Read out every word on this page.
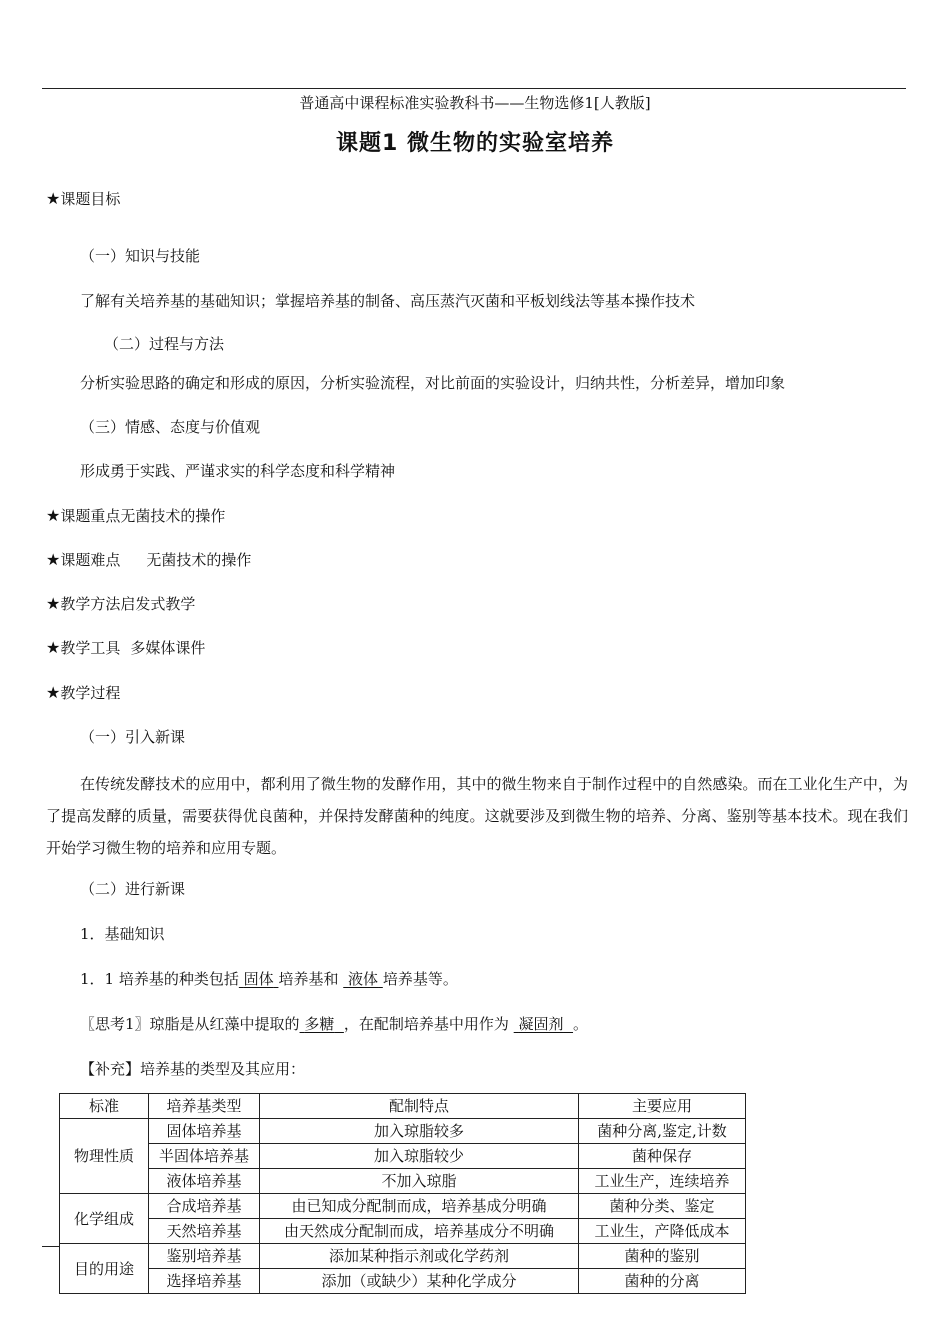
普通高中课程标准实验教科书——生物选修1[人教版]
课题1 微生物的实验室培养
★课题目标
（一）知识与技能
了解有关培养基的基础知识；掌握培养基的制备、高压蒸汽灭菌和平板划线法等基本操作技术
（二）过程与方法
分析实验思路的确定和形成的原因，分析实验流程，对比前面的实验设计，归纳共性，分析差异，增加印象
（三）情感、态度与价值观
形成勇于实践、严谨求实的科学态度和科学精神
★课题重点无菌技术的操作
★课题难点 无菌技术的操作
★教学方法启发式教学
★教学工具 多媒体课件
★教学过程
（一）引入新课
在传统发酵技术的应用中，都利用了微生物的发酵作用，其中的微生物来自于制作过程中的自然感染。而在工业化生产中，为了提高发酵的质量，需要获得优良菌种，并保持发酵菌种的纯度。这就要涉及到微生物的培养、分离、鉴别等基本技术。现在我们开始学习微生物的培养和应用专题。
（二）进行新课
1．基础知识
1．1 培养基的种类包括 固体 培养基和 液体 培养基等。
〖思考1〗琼脂是从红藻中提取的 多糖 ，在配制培养基中用作为 凝固剂 。
【补充】培养基的类型及其应用：
标准	培养基类型	配制特点	主要应用
物理性质	固体培养基	加入琼脂较多	菌种分离,鉴定,计数
	半固体培养基	加入琼脂较少	菌种保存
	液体培养基	不加入琼脂	工业生产，连续培养
化学组成	合成培养基	由已知成分配制而成，培养基成分明确	菌种分类、鉴定
	天然培养基	由天然成分配制而成，培养基成分不明确	工业生，产降低成本
目的用途	鉴别培养基	添加某种指示剂或化学药剂	菌种的鉴别
	选择培养基	添加（或缺少）某种化学成分	菌种的分离
